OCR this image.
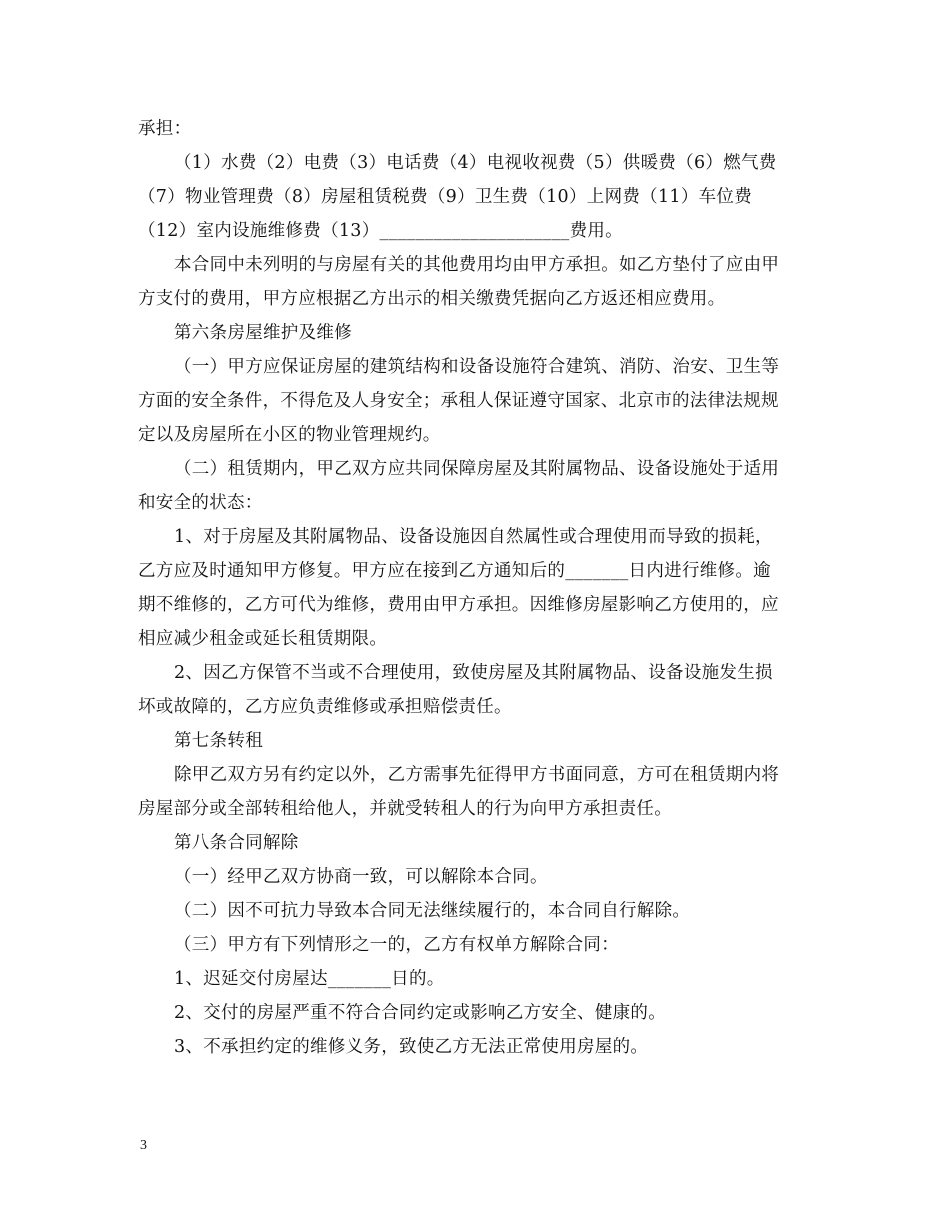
承担：

（1）水费（2）电费（3）电话费（4）电视收视费（5）供暖费（6）燃气费

（7）物业管理费（8）房屋租赁税费（9）卫生费（10）上网费（11）车位费

（12）室内设施维修费（13）_____________________费用。

本合同中未列明的与房屋有关的其他费用均由甲方承担。如乙方垫付了应由甲

方支付的费用，甲方应根据乙方出示的相关缴费凭据向乙方返还相应费用。

第六条房屋维护及维修

（一）甲方应保证房屋的建筑结构和设备设施符合建筑、消防、治安、卫生等

方面的安全条件，不得危及人身安全；承租人保证遵守国家、北京市的法律法规规

定以及房屋所在小区的物业管理规约。

（二）租赁期内，甲乙双方应共同保障房屋及其附属物品、设备设施处于适用

和安全的状态：

1、对于房屋及其附属物品、设备设施因自然属性或合理使用而导致的损耗，

乙方应及时通知甲方修复。甲方应在接到乙方通知后的_______日内进行维修。逾

期不维修的，乙方可代为维修，费用由甲方承担。因维修房屋影响乙方使用的，应

相应减少租金或延长租赁期限。

2、因乙方保管不当或不合理使用，致使房屋及其附属物品、设备设施发生损

坏或故障的，乙方应负责维修或承担赔偿责任。

第七条转租

除甲乙双方另有约定以外，乙方需事先征得甲方书面同意，方可在租赁期内将

房屋部分或全部转租给他人，并就受转租人的行为向甲方承担责任。

第八条合同解除

（一）经甲乙双方协商一致，可以解除本合同。

（二）因不可抗力导致本合同无法继续履行的，本合同自行解除。

（三）甲方有下列情形之一的，乙方有权单方解除合同：

1、迟延交付房屋达_______日的。

2、交付的房屋严重不符合合同约定或影响乙方安全、健康的。

3、不承担约定的维修义务，致使乙方无法正常使用房屋的。

3
